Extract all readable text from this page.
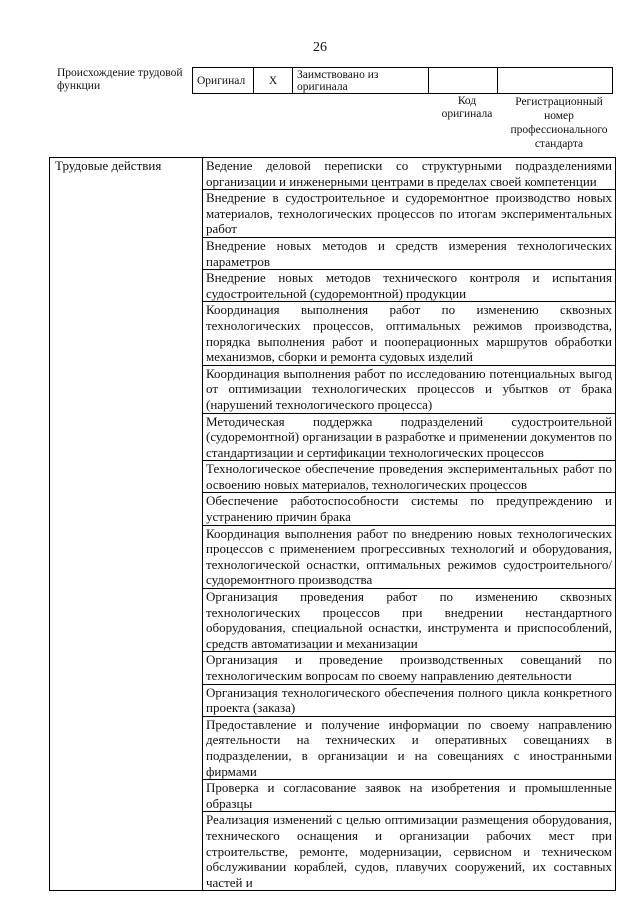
26
Происхождение трудовой функции	Оригинал	X	Заимствовано из оригинала		
Код оригинала
Регистрационный номер профессионального стандарта
Трудовые действия	Ведение деловой переписки со структурными подразделениями организации и инженерными центрами в пределах своей компетенции
Внедрение в судостроительное и судоремонтное производство новых материалов, технологических процессов по итогам экспериментальных работ
Внедрение новых методов и средств измерения технологических параметров
Внедрение новых методов технического контроля и испытания судостроительной (судоремонтной) продукции
Координация выполнения работ по изменению сквозных технологических процессов, оптимальных режимов производства, порядка выполнения работ и пооперационных маршрутов обработки механизмов, сборки и ремонта судовых изделий
Координация выполнения работ по исследованию потенциальных выгод от оптимизации технологических процессов и убытков от брака (нарушений технологического процесса)
Методическая поддержка подразделений судостроительной (судоремонтной) организации в разработке и применении документов по стандартизации и сертификации технологических процессов
Технологическое обеспечение проведения экспериментальных работ по освоению новых материалов, технологических процессов
Обеспечение работоспособности системы по предупреждению и устранению причин брака
Координация выполнения работ по внедрению новых технологических процессов с применением прогрессивных технологий и оборудования, технологической оснастки, оптимальных режимов судостроительного/ судоремонтного производства
Организация проведения работ по изменению сквозных технологических процессов при внедрении нестандартного оборудования, специальной оснастки, инструмента и приспособлений, средств автоматизации и механизации
Организация и проведение производственных совещаний по технологическим вопросам по своему направлению деятельности
Организация технологического обеспечения полного цикла конкретного проекта (заказа)
Предоставление и получение информации по своему направлению деятельности на технических и оперативных совещаниях в подразделении, в организации и на совещаниях с иностранными фирмами
Проверка и согласование заявок на изобретения и промышленные образцы
Реализация изменений с целью оптимизации размещения оборудования, технического оснащения и организации рабочих мест при строительстве, ремонте, модернизации, сервисном и техническом обслуживании кораблей, судов, плавучих сооружений, их составных частей и
